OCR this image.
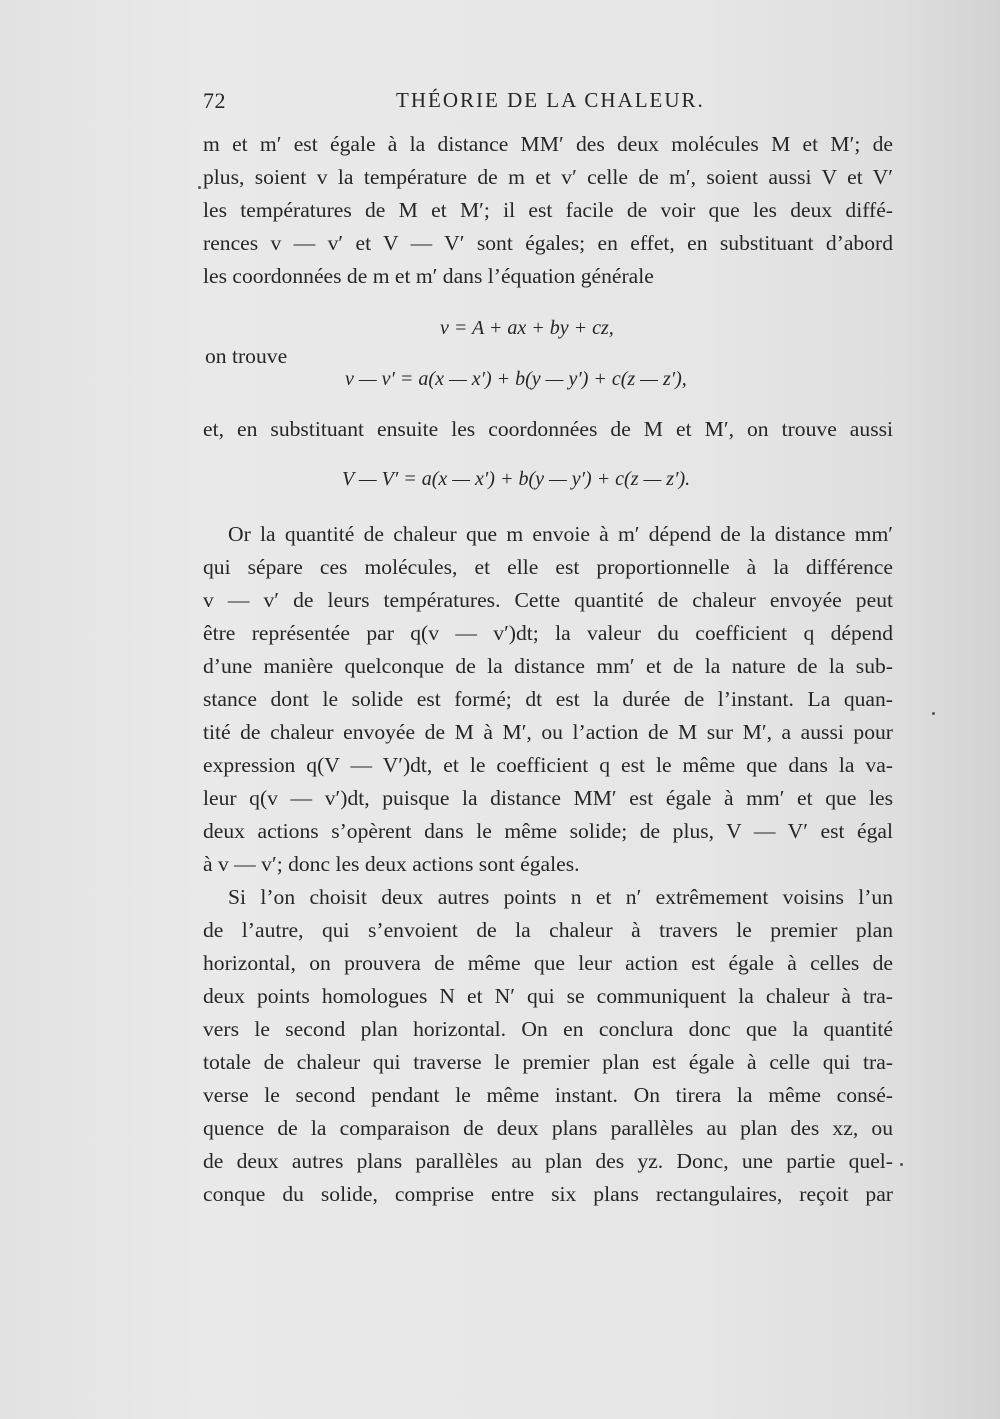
72	THÉORIE DE LA CHALEUR.
m et m′ est égale à la distance MM′ des deux molécules M et M′; de
plus, soient v la température de m et v′ celle de m′, soient aussi V et V′
les températures de M et M′; il est facile de voir que les deux diffé-
rences v — v′ et V — V′ sont égales; en effet, en substituant d’abord
les coordonnées de m et m′ dans l’équation générale
v = A + ax + by + cz,
on trouve
v — v′ = a(x — x′) + b(y — y′) + c(z — z′),
et, en substituant ensuite les coordonnées de M et M′, on trouve aussi
V — V′ = a(x — x′) + b(y — y′) + c(z — z′).
Or la quantité de chaleur que m envoie à m′ dépend de la distance mm′
qui sépare ces molécules, et elle est proportionnelle à la différence
v — v′ de leurs températures. Cette quantité de chaleur envoyée peut
être représentée par q(v — v′)dt; la valeur du coefficient q dépend
d’une manière quelconque de la distance mm′ et de la nature de la sub-
stance dont le solide est formé; dt est la durée de l’instant. La quan-
tité de chaleur envoyée de M à M′, ou l’action de M sur M′, a aussi pour
expression q(V — V′)dt, et le coefficient q est le même que dans la va-
leur q(v — v′)dt, puisque la distance MM′ est égale à mm′ et que les
deux actions s’opèrent dans le même solide; de plus, V — V′ est égal
à v — v′; donc les deux actions sont égales.
Si l’on choisit deux autres points n et n′ extrêmement voisins l’un
de l’autre, qui s’envoient de la chaleur à travers le premier plan
horizontal, on prouvera de même que leur action est égale à celles de
deux points homologues N et N′ qui se communiquent la chaleur à tra-
vers le second plan horizontal. On en conclura donc que la quantité
totale de chaleur qui traverse le premier plan est égale à celle qui tra-
verse le second pendant le même instant. On tirera la même consé-
quence de la comparaison de deux plans parallèles au plan des xz, ou
de deux autres plans parallèles au plan des yz. Donc, une partie quel-
conque du solide, comprise entre six plans rectangulaires, reçoit par
